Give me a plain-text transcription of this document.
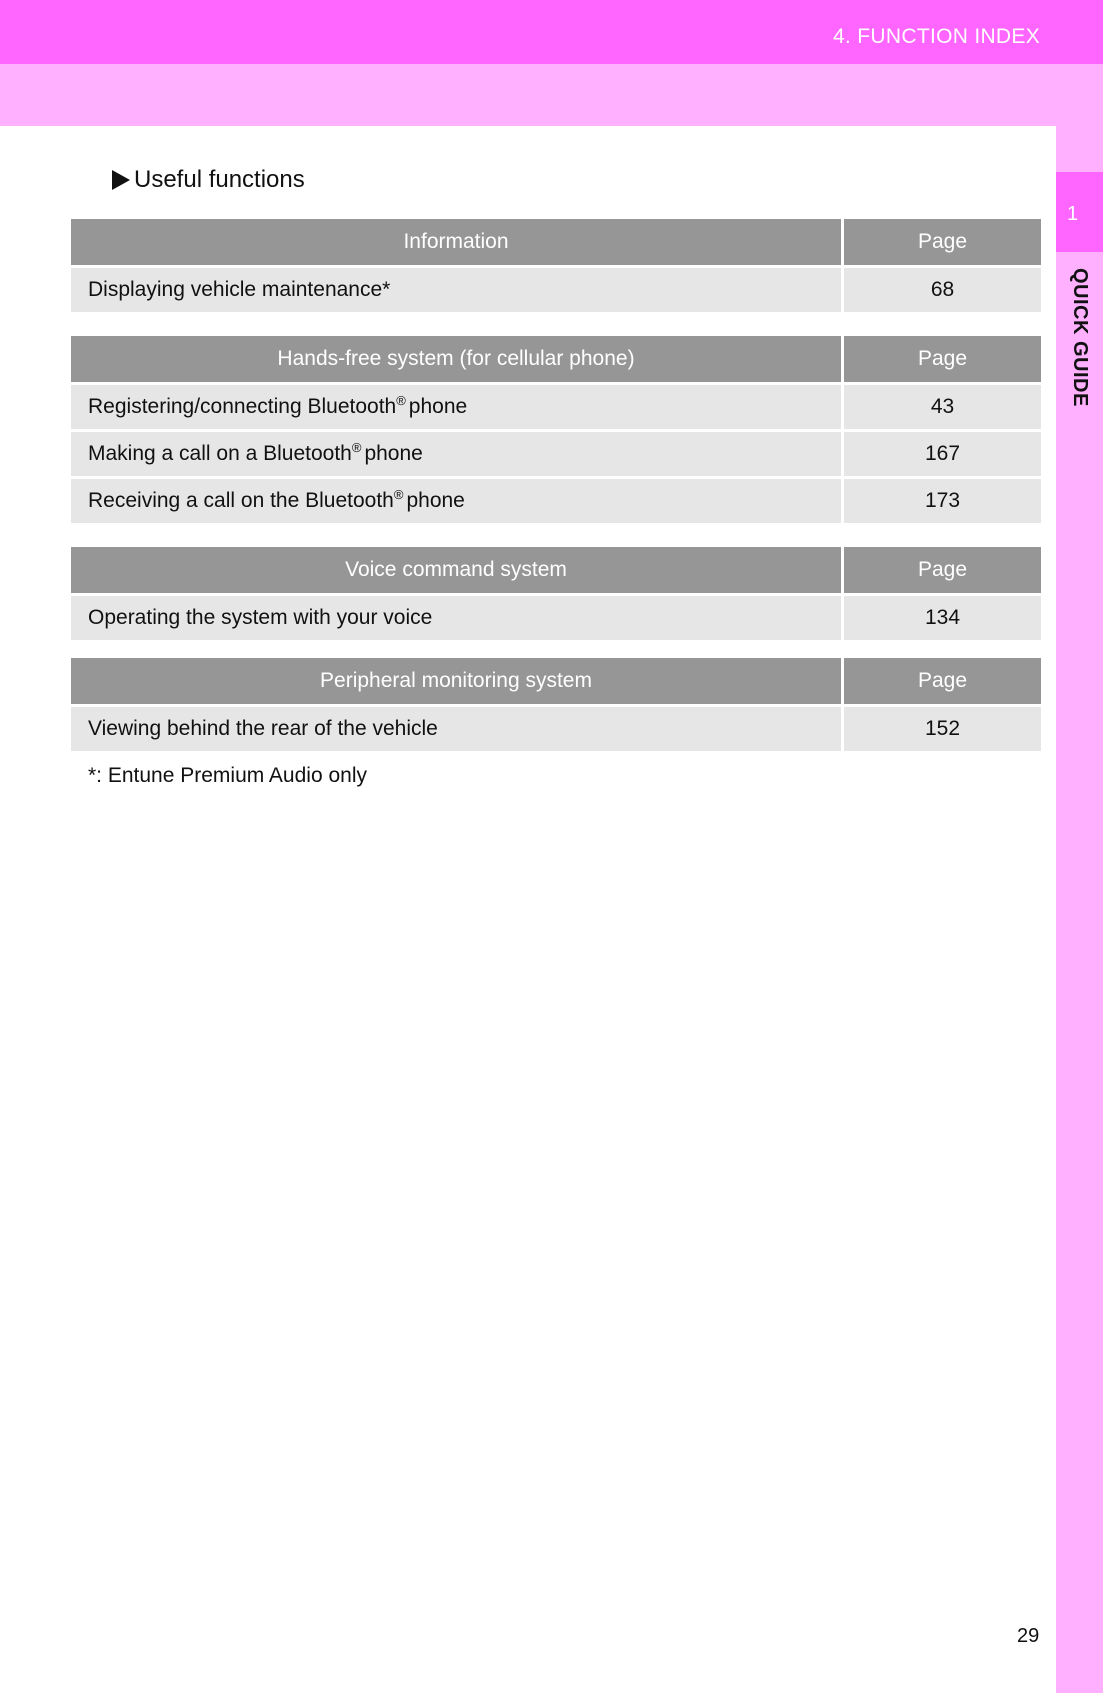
4. FUNCTION INDEX
1
QUICK GUIDE
Useful functions
Information	Page
Displaying vehicle maintenance*	68
Hands-free system (for cellular phone)	Page
Registering/connecting Bluetooth® phone	43
Making a call on a Bluetooth® phone	167
Receiving a call on the Bluetooth® phone	173
Voice command system	Page
Operating the system with your voice	134
Peripheral monitoring system	Page
Viewing behind the rear of the vehicle	152
*: Entune Premium Audio only
29
